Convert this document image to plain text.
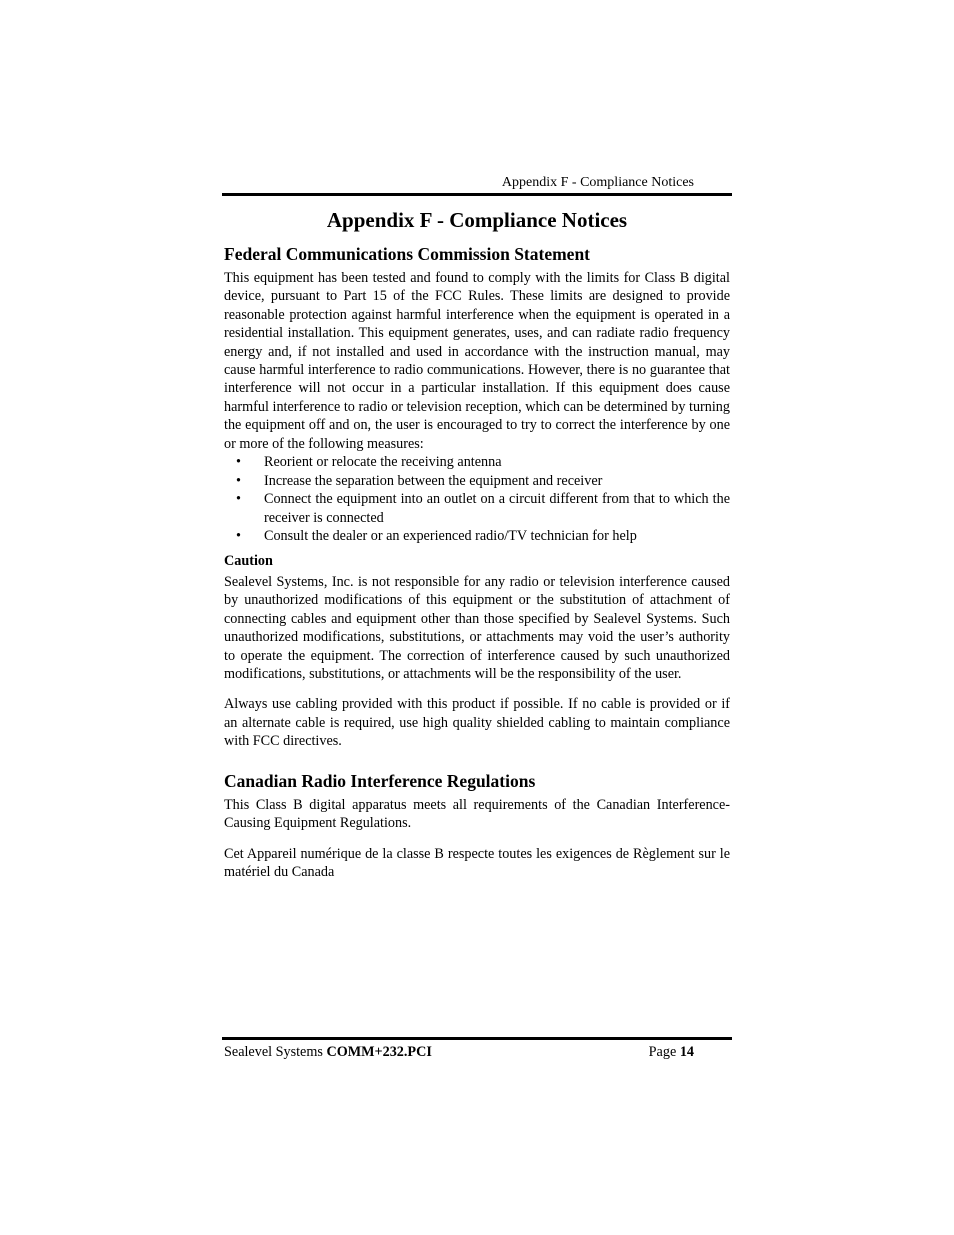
Appendix F - Compliance Notices
Appendix F - Compliance Notices
Federal Communications Commission Statement

This equipment has been tested and found to comply with the limits for Class B digital device, pursuant to Part 15 of the FCC Rules. These limits are designed to provide reasonable protection against harmful interference when the equipment is operated in a residential installation. This equipment generates, uses, and can radiate radio frequency energy and, if not installed and used in accordance with the instruction manual, may cause harmful interference to radio communications. However, there is no guarantee that interference will not occur in a particular installation. If this equipment does cause harmful interference to radio or television reception, which can be determined by turning the equipment off and on, the user is encouraged to try to correct the interference by one or more of the following measures:

• Reorient or relocate the receiving antenna
• Increase the separation between the equipment and receiver
• Connect the equipment into an outlet on a circuit different from that to which the receiver is connected
• Consult the dealer or an experienced radio/TV technician for help
Caution

Sealevel Systems, Inc. is not responsible for any radio or television interference caused by unauthorized modifications of this equipment or the substitution of attachment of connecting cables and equipment other than those specified by Sealevel Systems. Such unauthorized modifications, substitutions, or attachments may void the user’s authority to operate the equipment. The correction of interference caused by such unauthorized modifications, substitutions, or attachments will be the responsibility of the user.

Always use cabling provided with this product if possible. If no cable is provided or if an alternate cable is required, use high quality shielded cabling to maintain compliance with FCC directives.

Canadian Radio Interference Regulations

This Class B digital apparatus meets all requirements of the Canadian Interference-Causing Equipment Regulations.

Cet Appareil numérique de la classe B respecte toutes les exigences de Règlement sur le matériel du Canada

Sealevel Systems COMM+232.PCI	Page 14
